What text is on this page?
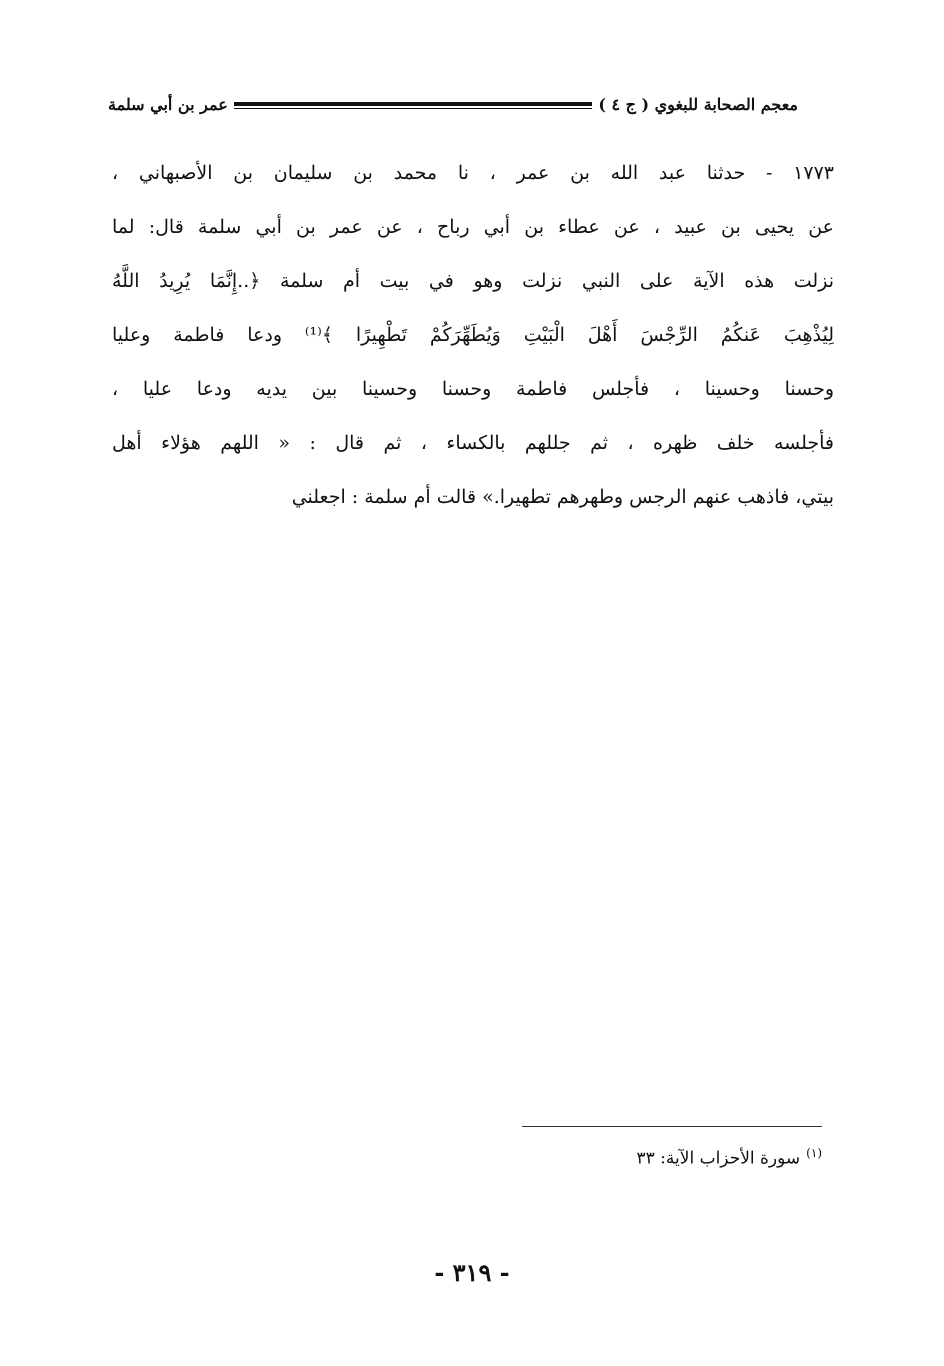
معجم الصحابة للبغوي ( ج ٤ )
عمر بن أبي سلمة
١٧٧٣ - حدثنا عبد الله بن عمر ، نا محمد بن سليمان بن الأصبهاني ،
عن يحيى بن عبيد ، عن عطاء بن أبي رباح ، عن عمر بن أبي سلمة قال: لما
نزلت هذه الآية على النبي نزلت وهو في بيت أم سلمة ﴿..إِنَّمَا يُرِيدُ اللَّهُ
لِيُذْهِبَ عَنكُمُ الرِّجْسَ أَهْلَ الْبَيْتِ وَيُطَهِّرَكُمْ تَطْهِيرًا ﴾⁽¹⁾ ودعا فاطمة وعليا
وحسنا وحسينا ، فأجلس فاطمة وحسنا وحسينا بين يديه ودعا عليا ،
فأجلسه خلف ظهره ، ثم جللهم بالكساء ، ثم قال : « اللهم هؤلاء أهل
بيتي، فاذهب عنهم الرجس وطهرهم تطهيرا.» قالت أم سلمة : اجعلني
$^{(١)}$سورة الأحزاب الآية: ٣٣
- ٣١٩ -
